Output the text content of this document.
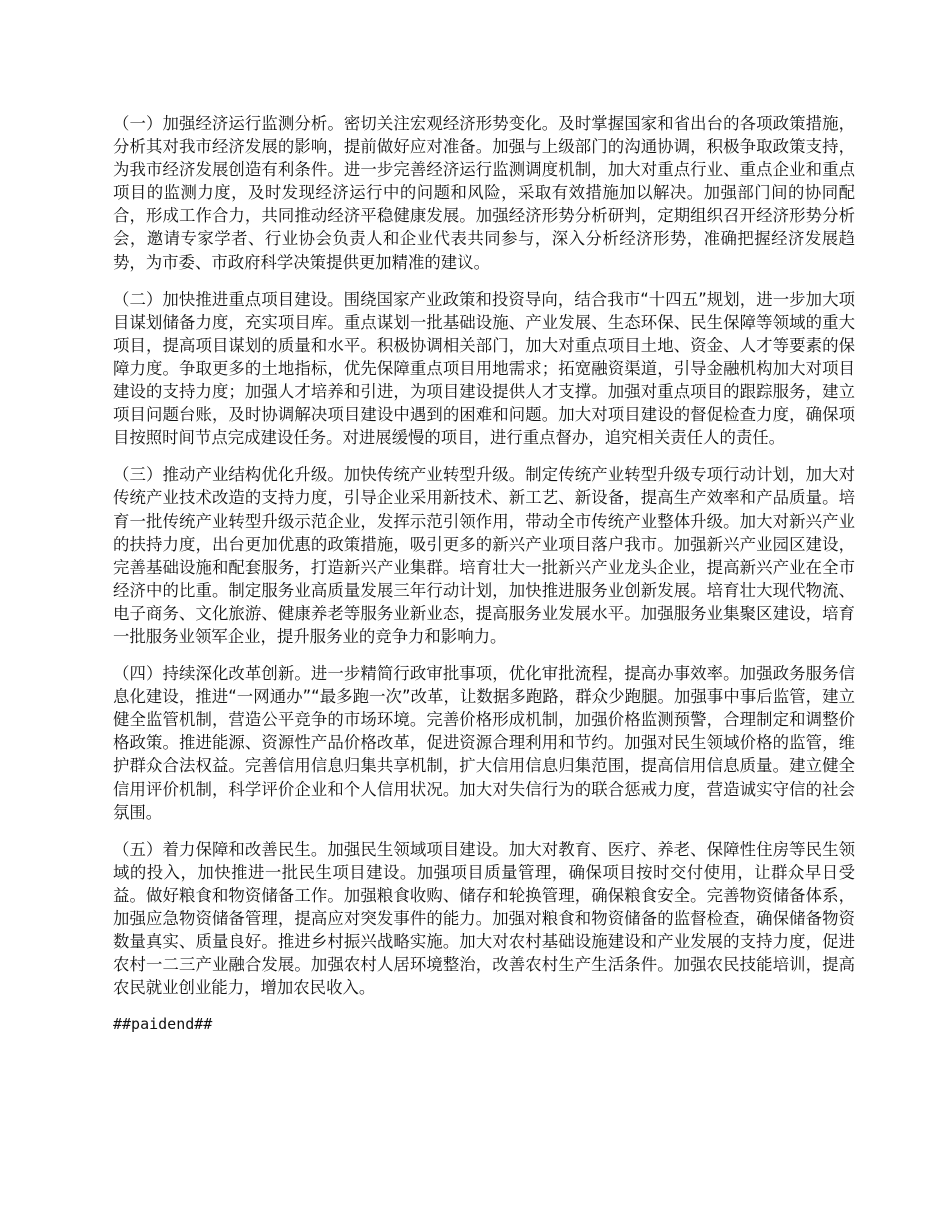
（一）加强经济运行监测分析。密切关注宏观经济形势变化。及时掌握国家和省出台的各项政策措施，分析其对我市经济发展的影响，提前做好应对准备。加强与上级部门的沟通协调，积极争取政策支持，为我市经济发展创造有利条件。进一步完善经济运行监测调度机制，加大对重点行业、重点企业和重点项目的监测力度，及时发现经济运行中的问题和风险，采取有效措施加以解决。加强部门间的协同配合，形成工作合力，共同推动经济平稳健康发展。加强经济形势分析研判，定期组织召开经济形势分析会，邀请专家学者、行业协会负责人和企业代表共同参与，深入分析经济形势，准确把握经济发展趋势，为市委、市政府科学决策提供更加精准的建议。

（二）加快推进重点项目建设。围绕国家产业政策和投资导向，结合我市“十四五”规划，进一步加大项目谋划储备力度，充实项目库。重点谋划一批基础设施、产业发展、生态环保、民生保障等领域的重大项目，提高项目谋划的质量和水平。积极协调相关部门，加大对重点项目土地、资金、人才等要素的保障力度。争取更多的土地指标，优先保障重点项目用地需求；拓宽融资渠道，引导金融机构加大对项目建设的支持力度；加强人才培养和引进，为项目建设提供人才支撑。加强对重点项目的跟踪服务，建立项目问题台账，及时协调解决项目建设中遇到的困难和问题。加大对项目建设的督促检查力度，确保项目按照时间节点完成建设任务。对进展缓慢的项目，进行重点督办，追究相关责任人的责任。

（三）推动产业结构优化升级。加快传统产业转型升级。制定传统产业转型升级专项行动计划，加大对传统产业技术改造的支持力度，引导企业采用新技术、新工艺、新设备，提高生产效率和产品质量。培育一批传统产业转型升级示范企业，发挥示范引领作用，带动全市传统产业整体升级。加大对新兴产业的扶持力度，出台更加优惠的政策措施，吸引更多的新兴产业项目落户我市。加强新兴产业园区建设，完善基础设施和配套服务，打造新兴产业集群。培育壮大一批新兴产业龙头企业，提高新兴产业在全市经济中的比重。制定服务业高质量发展三年行动计划，加快推进服务业创新发展。培育壮大现代物流、电子商务、文化旅游、健康养老等服务业新业态，提高服务业发展水平。加强服务业集聚区建设，培育一批服务业领军企业，提升服务业的竞争力和影响力。

（四）持续深化改革创新。进一步精简行政审批事项，优化审批流程，提高办事效率。加强政务服务信息化建设，推进“一网通办”“最多跑一次”改革，让数据多跑路，群众少跑腿。加强事中事后监管，建立健全监管机制，营造公平竞争的市场环境。完善价格形成机制，加强价格监测预警，合理制定和调整价格政策。推进能源、资源性产品价格改革，促进资源合理利用和节约。加强对民生领域价格的监管，维护群众合法权益。完善信用信息归集共享机制，扩大信用信息归集范围，提高信用信息质量。建立健全信用评价机制，科学评价企业和个人信用状况。加大对失信行为的联合惩戒力度，营造诚实守信的社会氛围。

（五）着力保障和改善民生。加强民生领域项目建设。加大对教育、医疗、养老、保障性住房等民生领域的投入，加快推进一批民生项目建设。加强项目质量管理，确保项目按时交付使用，让群众早日受益。做好粮食和物资储备工作。加强粮食收购、储存和轮换管理，确保粮食安全。完善物资储备体系，加强应急物资储备管理，提高应对突发事件的能力。加强对粮食和物资储备的监督检查，确保储备物资数量真实、质量良好。推进乡村振兴战略实施。加大对农村基础设施建设和产业发展的支持力度，促进农村一二三产业融合发展。加强农村人居环境整治，改善农村生产生活条件。加强农民技能培训，提高农民就业创业能力，增加农民收入。

##paidend##
